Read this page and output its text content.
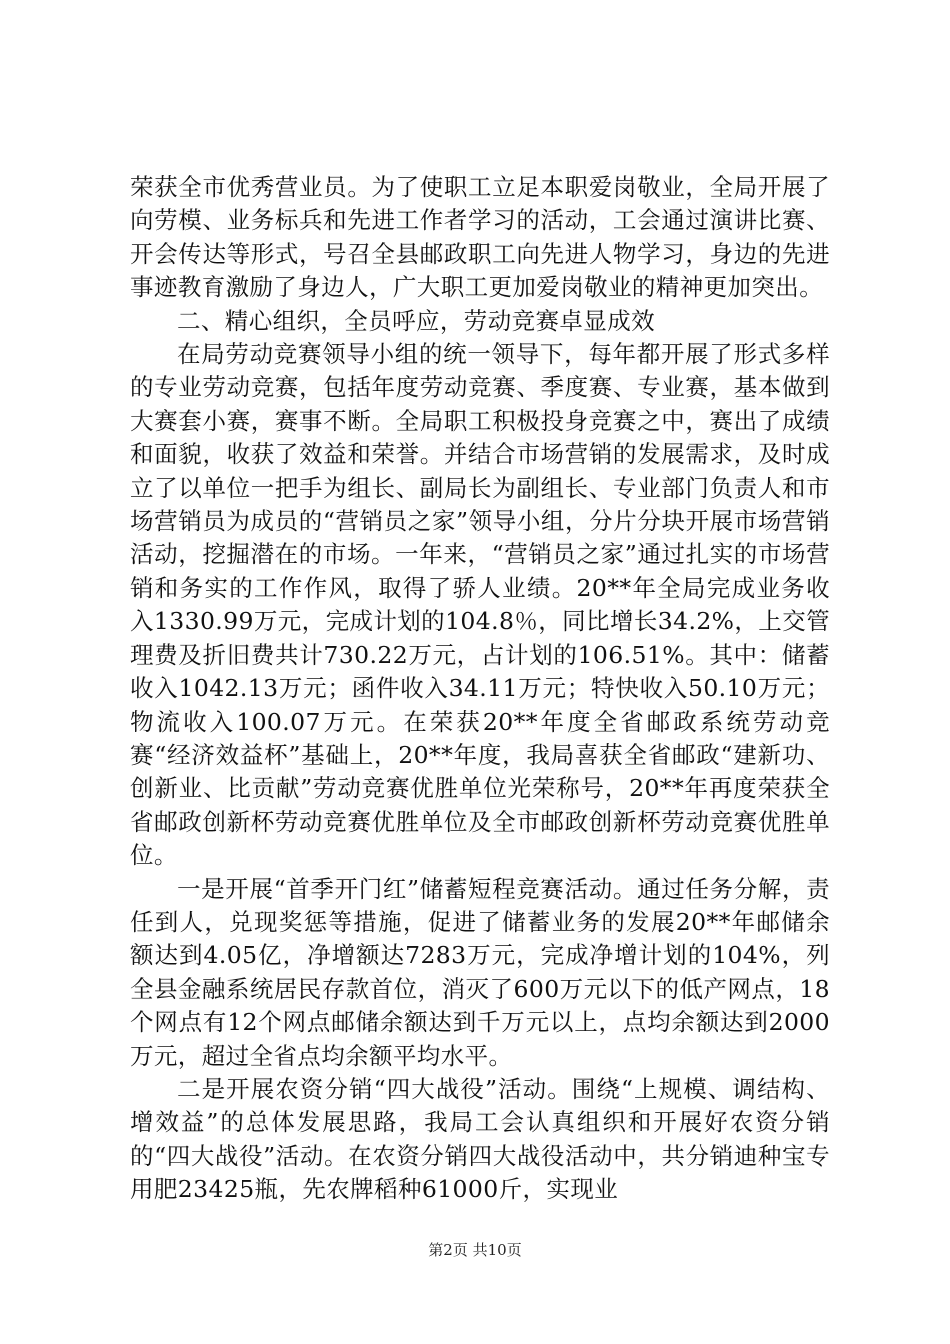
荣获全市优秀营业员。为了使职工立足本职爱岗敬业，全局开展了向劳模、业务标兵和先进工作者学习的活动，工会通过演讲比赛、开会传达等形式，号召全县邮政职工向先进人物学习，身边的先进事迹教育激励了身边人，广大职工更加爱岗敬业的精神更加突出。

二、精心组织，全员呼应，劳动竞赛卓显成效

在局劳动竞赛领导小组的统一领导下，每年都开展了形式多样的专业劳动竞赛，包括年度劳动竞赛、季度赛、专业赛，基本做到大赛套小赛，赛事不断。全局职工积极投身竞赛之中，赛出了成绩和面貌，收获了效益和荣誉。并结合市场营销的发展需求，及时成立了以单位一把手为组长、副局长为副组长、专业部门负责人和市场营销员为成员的“营销员之家”领导小组，分片分块开展市场营销活动，挖掘潜在的市场。一年来，“营销员之家”通过扎实的市场营销和务实的工作作风，取得了骄人业绩。20**年全局完成业务收入1330.99万元，完成计划的104.8％，同比增长34.2%，上交管理费及折旧费共计730.22万元，占计划的106.51%。其中：储蓄收入1042.13万元；函件收入34.11万元；特快收入50.10万元；物流收入100.07万元。在荣获20**年度全省邮政系统劳动竞赛“经济效益杯”基础上，20**年度，我局喜获全省邮政“建新功、创新业、比贡献”劳动竞赛优胜单位光荣称号，20**年再度荣获全省邮政创新杯劳动竞赛优胜单位及全市邮政创新杯劳动竞赛优胜单位。

一是开展“首季开门红”储蓄短程竞赛活动。通过任务分解，责任到人，兑现奖惩等措施，促进了储蓄业务的发展20**年邮储余额达到4.05亿，净增额达7283万元，完成净增计划的104%，列全县金融系统居民存款首位，消灭了600万元以下的低产网点，18个网点有12个网点邮储余额达到千万元以上，点均余额达到2000万元，超过全省点均余额平均水平。

二是开展农资分销“四大战役”活动。围绕“上规模、调结构、增效益”的总体发展思路，我局工会认真组织和开展好农资分销的“四大战役”活动。在农资分销四大战役活动中，共分销迪种宝专用肥23425瓶，先农牌稻种61000斤，实现业

第2页 共10页
